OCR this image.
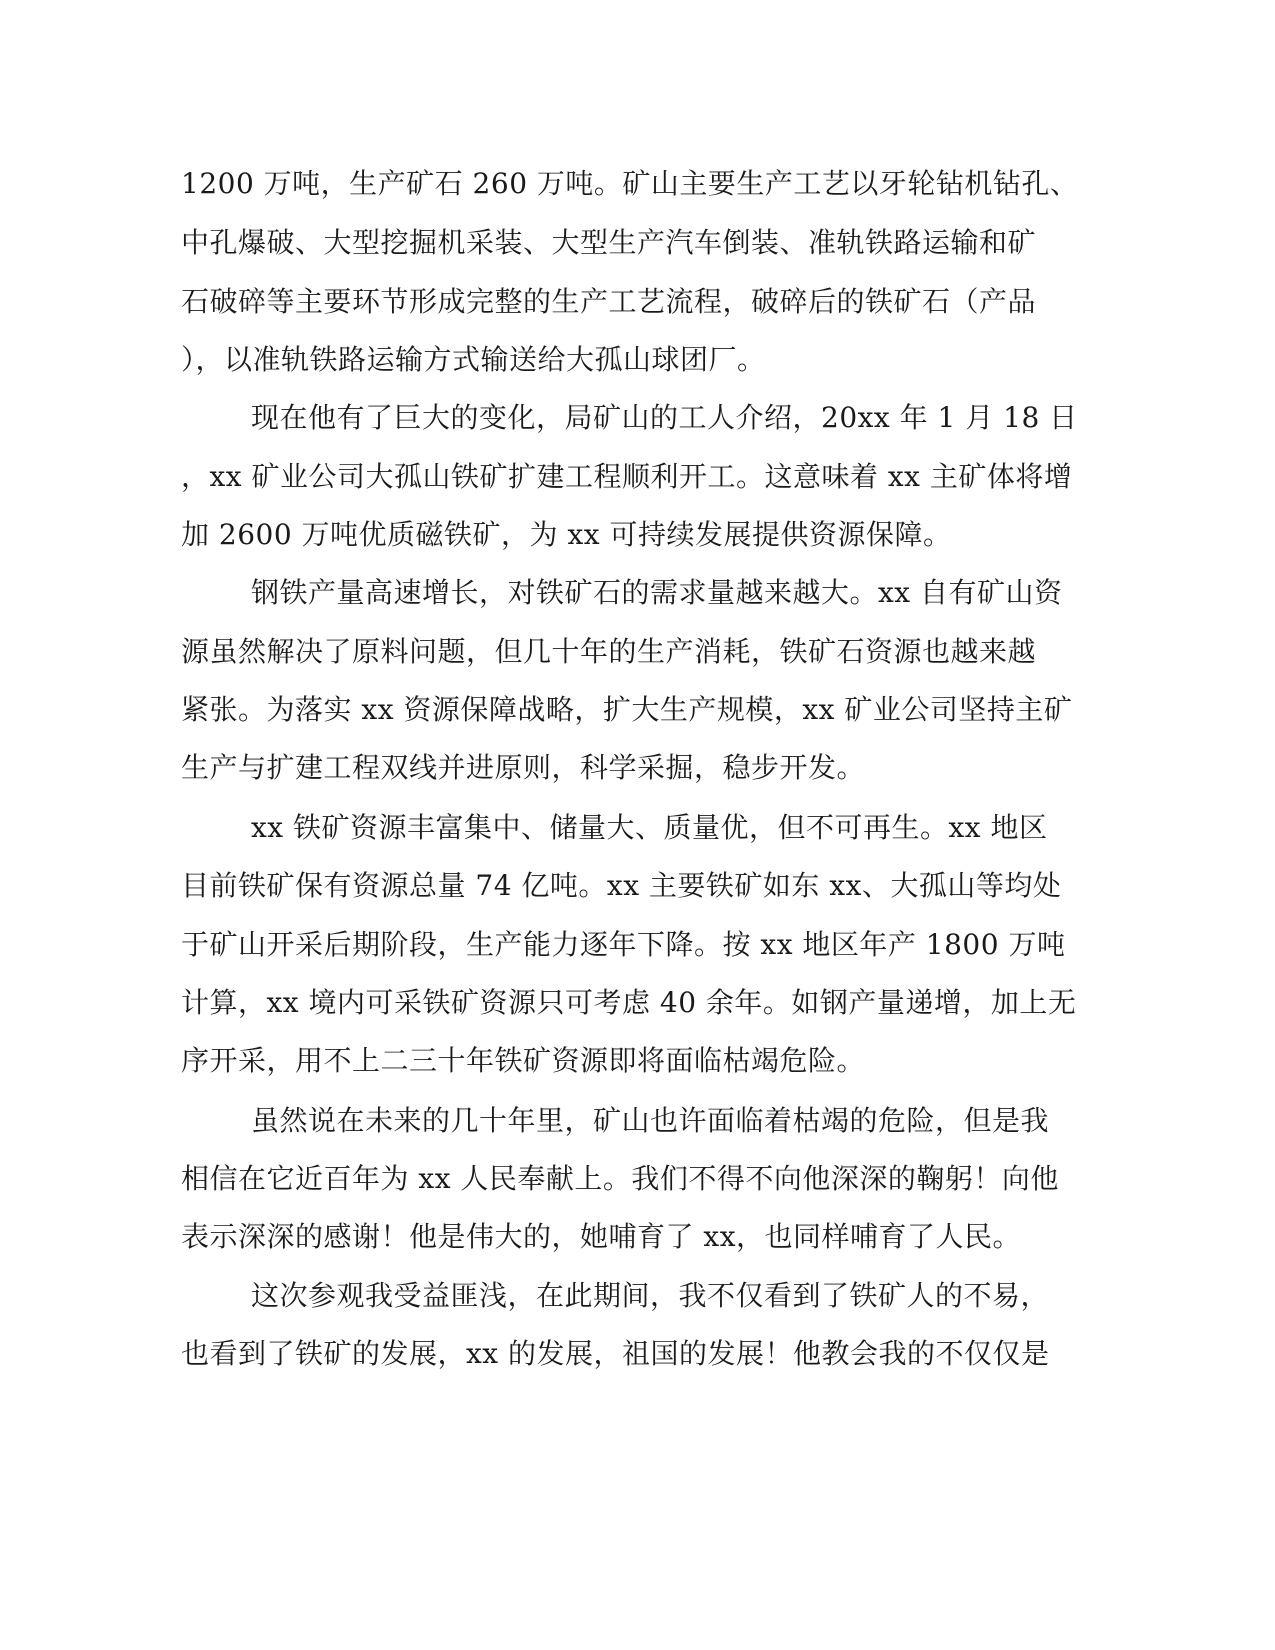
1200 万吨，生产矿石 260 万吨。矿山主要生产工艺以牙轮钻机钻孔、
中孔爆破、大型挖掘机采装、大型生产汽车倒装、准轨铁路运输和矿
石破碎等主要环节形成完整的生产工艺流程，破碎后的铁矿石（产品
），以准轨铁路运输方式输送给大孤山球团厂。
现在他有了巨大的变化，局矿山的工人介绍，20xx 年 1 月 18 日
，xx 矿业公司大孤山铁矿扩建工程顺利开工。这意味着 xx 主矿体将增
加 2600 万吨优质磁铁矿，为 xx 可持续发展提供资源保障。
钢铁产量高速增长，对铁矿石的需求量越来越大。xx 自有矿山资
源虽然解决了原料问题，但几十年的生产消耗，铁矿石资源也越来越
紧张。为落实 xx 资源保障战略，扩大生产规模，xx 矿业公司坚持主矿
生产与扩建工程双线并进原则，科学采掘，稳步开发。
xx 铁矿资源丰富集中、储量大、质量优，但不可再生。xx 地区
目前铁矿保有资源总量 74 亿吨。xx 主要铁矿如东 xx、大孤山等均处
于矿山开采后期阶段，生产能力逐年下降。按 xx 地区年产 1800 万吨
计算，xx 境内可采铁矿资源只可考虑 40 余年。如钢产量递增，加上无
序开采，用不上二三十年铁矿资源即将面临枯竭危险。
虽然说在未来的几十年里，矿山也许面临着枯竭的危险，但是我
相信在它近百年为 xx 人民奉献上。我们不得不向他深深的鞠躬！向他
表示深深的感谢！他是伟大的，她哺育了 xx，也同样哺育了人民。
这次参观我受益匪浅，在此期间，我不仅看到了铁矿人的不易，
也看到了铁矿的发展，xx 的发展，祖国的发展！他教会我的不仅仅是
